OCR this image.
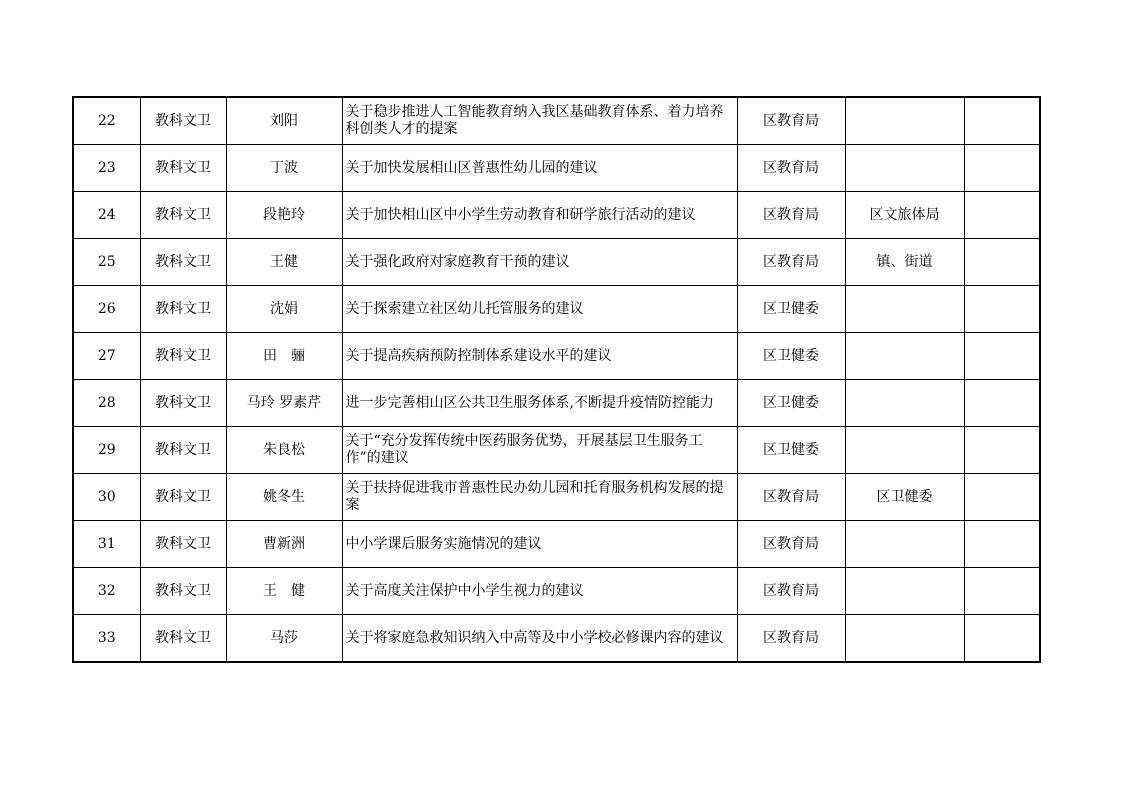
22	教科文卫	刘阳	关于稳步推进人工智能教育纳入我区基础教育体系、着力培养科创类人才的提案	区教育局		
23	教科文卫	丁波	关于加快发展相山区普惠性幼儿园的建议	区教育局		
24	教科文卫	段艳玲	关于加快相山区中小学生劳动教育和研学旅行活动的建议	区教育局	区文旅体局	
25	教科文卫	王健	关于强化政府对家庭教育干预的建议	区教育局	镇、街道	
26	教科文卫	沈娟	关于探索建立社区幼儿托管服务的建议	区卫健委		
27	教科文卫	田　骊	关于提高疾病预防控制体系建设水平的建议	区卫健委		
28	教科文卫	马玲 罗素芹	进一步完善相山区公共卫生服务体系,不断提升疫情防控能力	区卫健委		
29	教科文卫	朱良松	关于“充分发挥传统中医药服务优势，开展基层卫生服务工作”的建议	区卫健委		
30	教科文卫	姚冬生	关于扶持促进我市普惠性民办幼儿园和托育服务机构发展的提案	区教育局	区卫健委	
31	教科文卫	曹新洲	中小学课后服务实施情况的建议	区教育局		
32	教科文卫	王　健	关于高度关注保护中小学生视力的建议	区教育局		
33	教科文卫	马莎	关于将家庭急救知识纳入中高等及中小学校必修课内容的建议	区教育局		
